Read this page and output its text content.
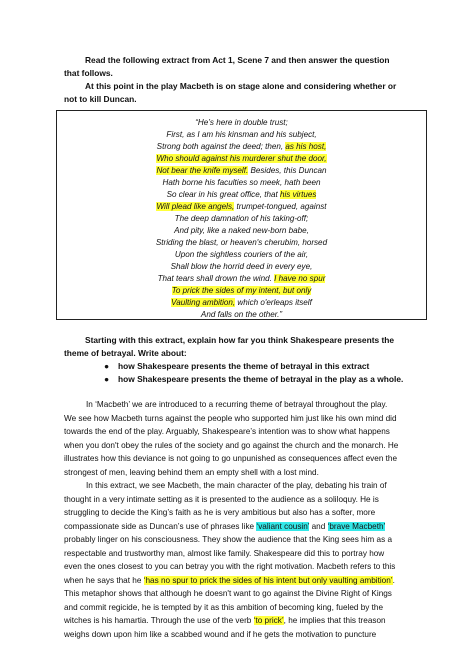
Read the following extract from Act 1, Scene 7 and then answer the question
that follows.
At this point in the play Macbeth is on stage alone and considering whether or
not to kill Duncan.
“He’s here in double trust;
First, as I am his kinsman and his subject,
Strong both against the deed; then, as his host,
Who should against his murderer shut the door,
Not bear the knife myself. Besides, this Duncan
Hath borne his faculties so meek, hath been
So clear in his great office, that his virtues
Will plead like angels, trumpet-tongued, against
The deep damnation of his taking-off;
And pity, like a naked new-born babe,
Striding the blast, or heaven's cherubim, horsed
Upon the sightless couriers of the air,
Shall blow the horrid deed in every eye,
That tears shall drown the wind. I have no spur
To prick the sides of my intent, but only
Vaulting ambition, which o'erleaps itself
And falls on the other.”
Starting with this extract, explain how far you think Shakespeare presents the
theme of betrayal. Write about:
● how Shakespeare presents the theme of betrayal in this extract
● how Shakespeare presents the theme of betrayal in the play as a whole.
In ‘Macbeth’ we are introduced to a recurring theme of betrayal throughout the play.
We see how Macbeth turns against the people who supported him just like his own mind did
towards the end of the play. Arguably, Shakespeare’s intention was to show what happens
when you don't obey the rules of the society and go against the church and the monarch. He
illustrates how this deviance is not going to go unpunished as consequences affect even the
strongest of men, leaving behind them an empty shell with a lost mind.
In this extract, we see Macbeth, the main character of the play, debating his train of
thought in a very intimate setting as it is presented to the audience as a soliloquy. He is
struggling to decide the King’s faith as he is very ambitious but also has a softer, more
compassionate side as Duncan’s use of phrases like ‘valiant cousin’ and ‘brave Macbeth’
probably linger on his consciousness. They show the audience that the King sees him as a
respectable and trustworthy man, almost like family. Shakespeare did this to portray how
even the ones closest to you can betray you with the right motivation. Macbeth refers to this
when he says that he ‘has no spur to prick the sides of his intent but only vaulting ambition’.
This metaphor shows that although he doesn't want to go against the Divine Right of Kings
and commit regicide, he is tempted by it as this ambition of becoming king, fueled by the
witches is his hamartia. Through the use of the verb ‘to prick’, he implies that this treason
weighs down upon him like a scabbed wound and if he gets the motivation to puncture
